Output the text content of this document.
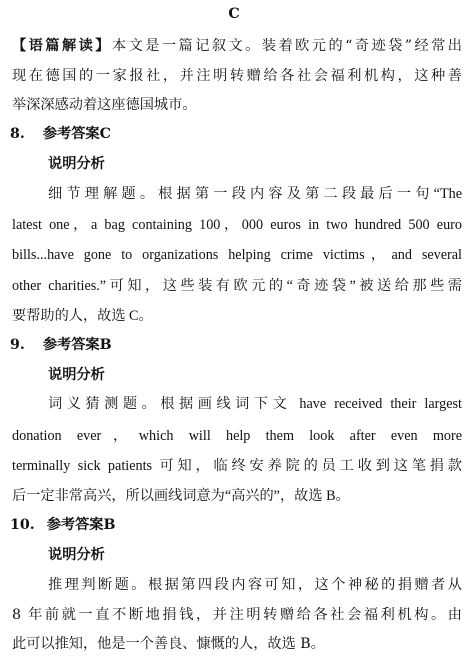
C
【语篇解读】本文是一篇记叙文。装着欧元的“奇迹袋”经常出
现在德国的一家报社，并注明转赠给各社会福利机构，这种善
举深深感动着这座德国城市。
8. 参考答案C
说明分析
细节理解题。根据第一段内容及第二段最后一句“The
latest one，a bag containing 100，000 euros in two hundred 500 euro
bills...have gone to organizations helping crime victims，and several
other charities.”可知，这些装有欧元的“奇迹袋”被送给那些需
要帮助的人，故选 C。
9. 参考答案B
说明分析
词义猜测题。根据画线词下文 have received their largest
donation ever，which will help them look after even more
terminally sick patients 可知，临终安养院的员工收到这笔捐款
后一定非常高兴，所以画线词意为“高兴的”，故选 B。
10. 参考答案B
说明分析
推理判断题。根据第四段内容可知，这个神秘的捐赠者从
8 年前就一直不断地捐钱，并注明转赠给各社会福利机构。由
此可以推知，他是一个善良、慷慨的人，故选 B。
